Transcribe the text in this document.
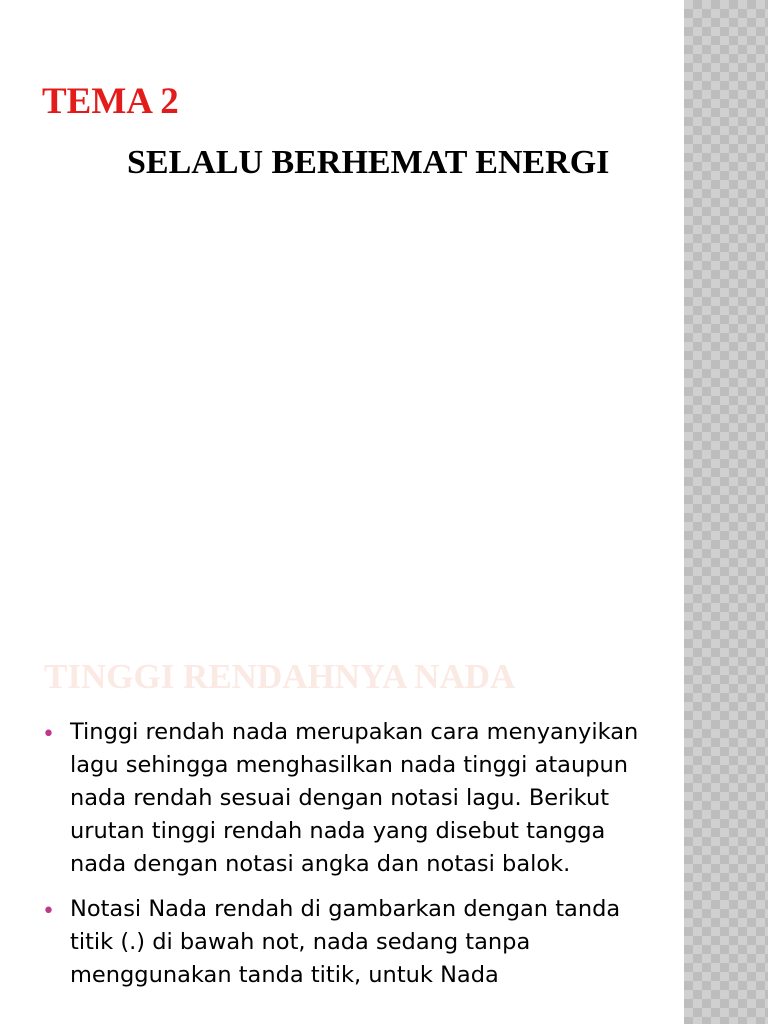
TEMA 2
SELALU BERHEMAT ENERGI
TINGGI RENDAHNYA NADA
• Tinggi rendah nada merupakan cara menyanyikan lagu sehingga menghasilkan nada tinggi ataupun nada rendah sesuai dengan notasi lagu. Berikut urutan tinggi rendah nada yang disebut tangga nada dengan notasi angka dan notasi balok.
• Notasi Nada rendah di gambarkan dengan tanda titik (.) di bawah not, nada sedang tanpa menggunakan tanda titik, untuk Nada
